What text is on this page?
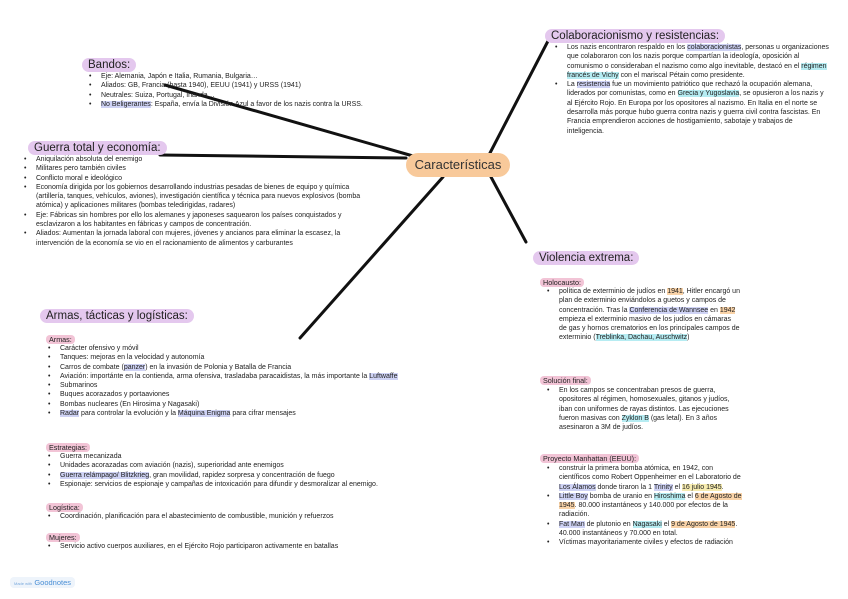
Características
Bandos:
• Eje: Alemania, Japón e Italia, Rumania, Bulgaria…
• Aliados: GB, Francia (hasta 1940), EEUU (1941) y URSS (1941)
• Neutrales: Suiza, Portugal, Irlanda…
• No Beligerantes: España, envía la División Azul a favor de los nazis contra la URSS.
Guerra total y economía:
• Aniquilación absoluta del enemigo
• Militares pero también civiles
• Conflicto moral e ideológico
• Economía dirigida por los gobiernos desarrollando industrias pesadas de bienes de equipo y química (artillería, tanques, vehículos, aviones), investigación científica y técnica para nuevos explosivos (bomba atómica) y aplicaciones militares (bombas teledirigidas, radares)
• Eje: Fábricas sin hombres por ello los alemanes y japoneses saquearon los países conquistados y esclavizaron a los habitantes en fábricas y campos de concentración.
• Aliados: Aumentan la jornada laboral con mujeres, jóvenes y ancianos para eliminar la escasez, la intervención de la economía se vio en el racionamiento de alimentos y carburantes
Armas, tácticas y logísticas:
Armas:
• Carácter ofensivo y móvil
• Tanques: mejoras en la velocidad y autonomía
• Carros de combate (panzer) en la invasión de Polonia y Batalla de Francia
• Aviación: importánte en la contienda, arma ofensiva, trasladaba paracaidistas, la más importante la Luftwaffe
• Submarinos
• Buques acorazados y portaaviones
• Bombas nucleares (En Hirosima y Nagasaki)
• Radar para controlar la evolución y la Máquina Enigma para cifrar mensajes
Estrategias:
• Guerra mecanizada
• Unidades acorazadas com aviación (nazis), superioridad ante enemigos
• Guerra relámpago/ Blitzkrieg, gran movilidad, rapidez sorpresa y concentración de fuego
• Espionaje: servicios de espionaje y campañas de intoxicación para difundir y desmoralizar al enemigo.
Logística:
• Coordinación, planificación para el abastecimiento de combustible, munición y refuerzos
Mujeres:
• Servicio activo cuerpos auxiliares, en el Ejército Rojo participaron activamente en batallas
Colaboracionismo y resistencias:
• Los nazis encontraron respaldo en los colaboracionistas, personas u organizaciones que colaboraron con los nazis porque compartían la ideología, oposición al comunismo o consideraban el nazismo como algo inevitable, destacó en el régimen francés de Vichy con el mariscal Pétain como presidente.
• La resistencia fue un movimiento patriótico que rechazó la ocupación alemana, liderados por comunistas, como en Grecia y Yugoslavia, se opusieron a los nazis y al Ejército Rojo. En Europa por los opositores al nazismo. En Italia en el norte se desarrolla más porque hubo guerra contra nazis y guerra civil contra fascistas. En Francia emprendieron acciones de hostigamiento, sabotaje y trabajos de inteligencia.
Violencia extrema:
Holocausto:
• política de exterminio de judíos en 1941, Hitler encargó un plan de exterminio enviándolos a guetos y campos de concentración. Tras la Conferencia de Wannsee en 1942 empieza el exterminio masivo de los judíos en cámaras de gas y hornos crematorios en los principales campos de exterminio (Treblinka, Dachau, Auschwitz)
Solución final:
• En los campos se concentraban presos de guerra, opositores al régimen, homosexuales, gitanos y judíos, iban con uniformes de rayas distintos. Las ejecuciones fueron masivas con Zyklon B (gas letal). En 3 años asesinaron a 3M de judíos.
Proyecto Manhattan (EEUU):
• construir la primera bomba atómica, en 1942, con científicos como Robert Oppenheimer en el Laboratorio de Los Álamos donde tiraron la 1 Trinity el 16 julio 1945.
• Little Boy bomba de uranio en Hiroshima el 6 de Agosto de 1945. 80.000 instantáneos y 140.000 por efectos de la radiación.
• Fat Man de plutonio en Nagasaki el 9 de Agosto de 1945. 40.000 instantáneos y 70.000 en total.
• Víctimas mayoritariamente civiles y efectos de radiación
Made with Goodnotes
